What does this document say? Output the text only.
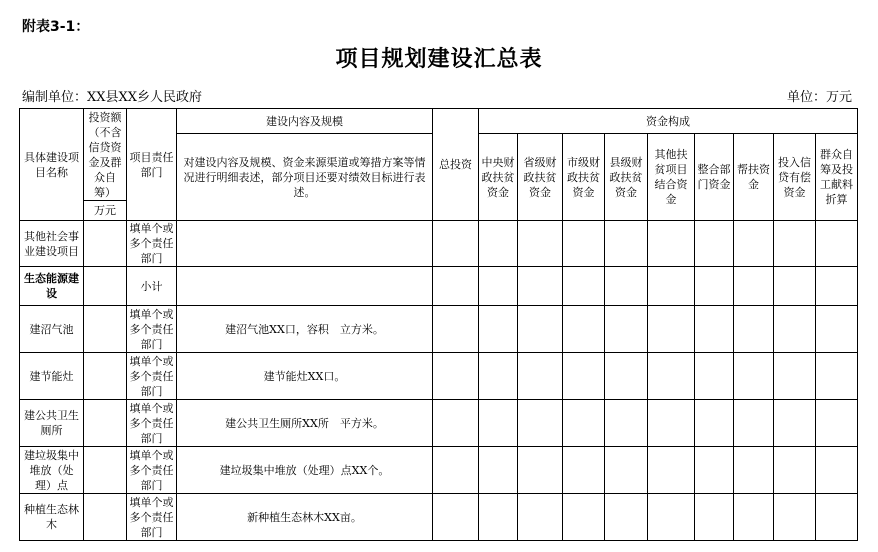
附表3-1：
项目规划建设汇总表
编制单位：XX县XX乡人民政府	单位：万元
具体建设项目名称	投资额（不含信贷资金及群众自筹）	项目责任部门	建设内容及规模	总投资	资金构成								
			对建设内容及规模、资金来源渠道或筹措方案等情况进行明细表述，部分项目还要对绩效目标进行表述。		中央财政扶贫资金	省级财政扶贫资金	市级财政扶贫资金	县级财政扶贫资金	其他扶贫项目结合资金	整合部门资金	帮扶资金	投入信贷有偿资金	群众自筹及投工献料折算
	万元												
其他社会事业建设项目		填单个或多个责任部门											
生态能源建设		小计											
建沼气池		填单个或多个责任部门	建沼气池XX口，容积　立方米。										
建节能灶		填单个或多个责任部门	建节能灶XX口。										
建公共卫生厕所		填单个或多个责任部门	建公共卫生厕所XX所　平方米。										
建垃圾集中堆放（处理）点		填单个或多个责任部门	建垃圾集中堆放（处理）点XX个。										
种植生态林木		填单个或多个责任部门	新种植生态林木XX亩。										
